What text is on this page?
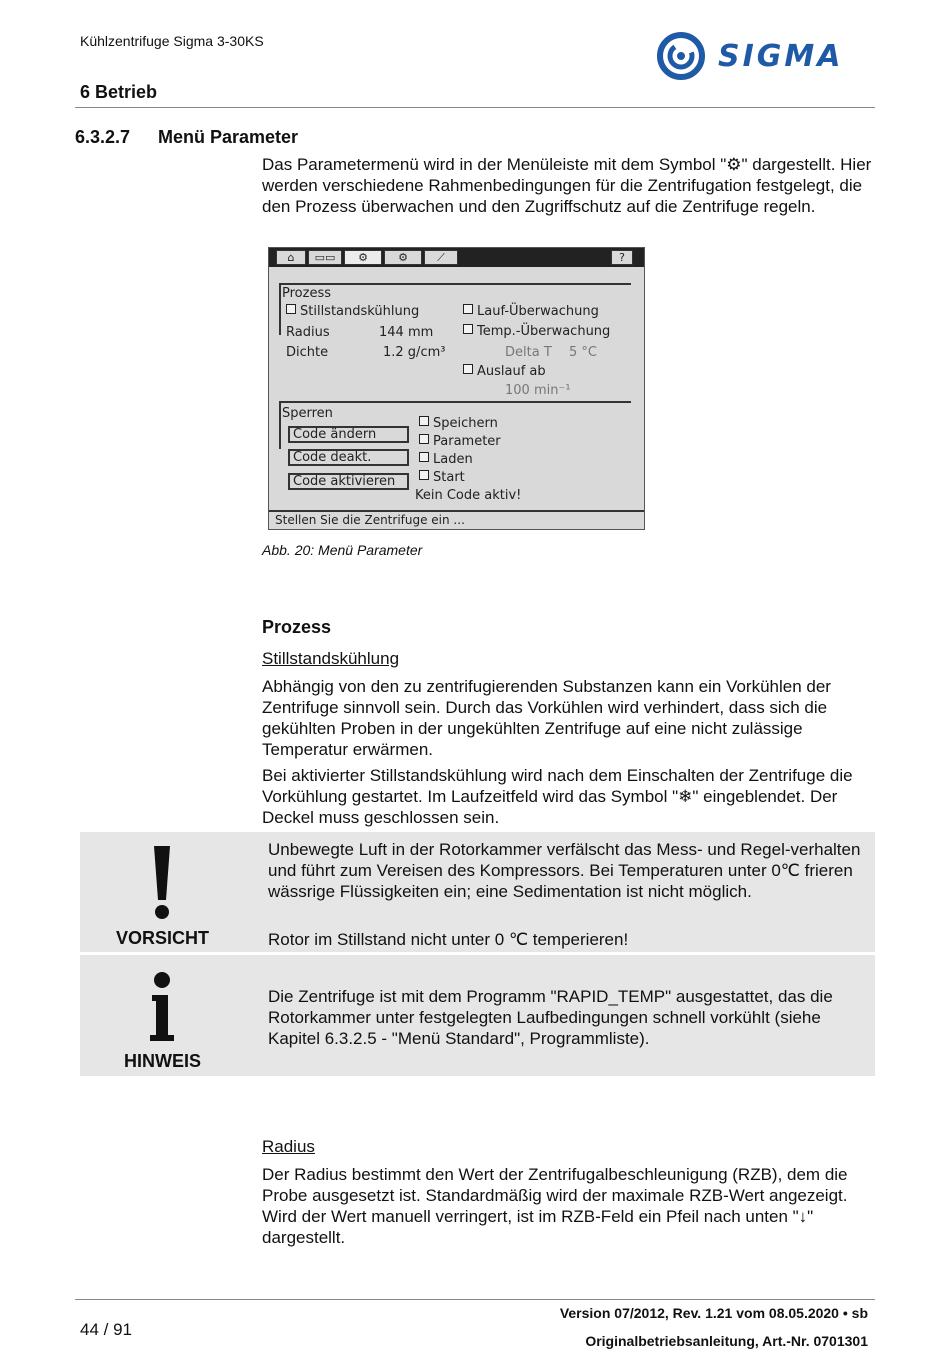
Kühlzentrifuge Sigma 3-30KS
6 Betrieb
SIGMA
6.3.2.7 Menü Parameter
Das Parametermenü wird in der Menüleiste mit dem Symbol "⚙" dargestellt. Hier werden verschiedene Rahmenbedingungen für die Zentrifugation festgelegt, die den Prozess überwachen und den Zugriffschutz auf die Zentrifuge regeln.
⌂	▭▭	⚙	⚙	⟋	?
Prozess
Stillstandskühlung
Radius	144 mm
Dichte	1.2 g/cm³
Lauf-Überwachung
Temp.-Überwachung
Delta T 5 °C
Auslauf ab
100 min⁻¹
Sperren
Code ändern
Code deakt.
Code aktivieren
Speichern
Parameter
Laden
Start
Kein Code aktiv!
Stellen Sie die Zentrifuge ein ...
Abb. 20: Menü Parameter
Prozess
Stillstandskühlung
Abhängig von den zu zentrifugierenden Substanzen kann ein Vorkühlen der Zentrifuge sinnvoll sein. Durch das Vorkühlen wird verhindert, dass sich die gekühlten Proben in der ungekühlten Zentrifuge auf eine nicht zulässige Temperatur erwärmen.
Bei aktivierter Stillstandskühlung wird nach dem Einschalten der Zentrifuge die Vorkühlung gestartet. Im Laufzeitfeld wird das Symbol "❄" eingeblendet. Der Deckel muss geschlossen sein.
VORSICHT
Unbewegte Luft in der Rotorkammer verfälscht das Mess- und Regel-verhalten und führt zum Vereisen des Kompressors. Bei Temperaturen unter 0℃ frieren wässrige Flüssigkeiten ein; eine Sedimentation ist nicht möglich.
Rotor im Stillstand nicht unter 0 ℃ temperieren!
HINWEIS
Die Zentrifuge ist mit dem Programm "RAPID_TEMP" ausgestattet, das die Rotorkammer unter festgelegten Laufbedingungen schnell vorkühlt (siehe Kapitel 6.3.2.5 - "Menü Standard", Programmliste).
Radius
Der Radius bestimmt den Wert der Zentrifugalbeschleunigung (RZB), dem die Probe ausgesetzt ist. Standardmäßig wird der maximale RZB-Wert angezeigt. Wird der Wert manuell verringert, ist im RZB-Feld ein Pfeil nach unten "↓" dargestellt.
44 / 91
Version 07/2012, Rev. 1.21 vom 08.05.2020 • sb
Originalbetriebsanleitung, Art.-Nr. 0701301
